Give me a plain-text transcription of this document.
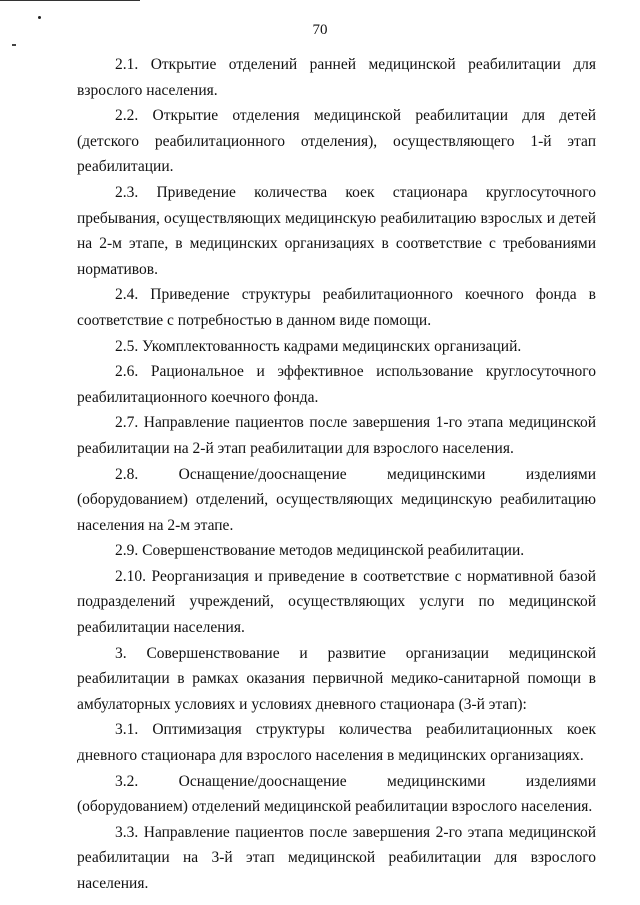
70

2.1. Открытие отделений ранней медицинской реабилитации для взрослого населения.

2.2. Открытие отделения медицинской реабилитации для детей (детского реабилитационного отделения), осуществляющего 1-й этап реабилитации.

2.3. Приведение количества коек стационара круглосуточного пребывания, осуществляющих медицинскую реабилитацию взрослых и детей на 2-м этапе, в медицинских организациях в соответствие с требованиями нормативов.

2.4. Приведение структуры реабилитационного коечного фонда в соответствие с потребностью в данном виде помощи.

2.5. Укомплектованность кадрами медицинских организаций.

2.6. Рациональное и эффективное использование круглосуточного реабилитационного коечного фонда.

2.7. Направление пациентов после завершения 1-го этапа медицинской реабилитации на 2-й этап реабилитации для взрослого населения.

2.8. Оснащение/дооснащение медицинскими изделиями (оборудованием) отделений, осуществляющих медицинскую реабилитацию населения на 2-м этапе.

2.9. Совершенствование методов медицинской реабилитации.

2.10. Реорганизация и приведение в соответствие с нормативной базой подразделений учреждений, осуществляющих услуги по медицинской реабилитации населения.

3. Совершенствование и развитие организации медицинской реабилитации в рамках оказания первичной медико-санитарной помощи в амбулаторных условиях и условиях дневного стационара (3-й этап):

3.1. Оптимизация структуры количества реабилитационных коек дневного стационара для взрослого населения в медицинских организациях.

3.2. Оснащение/дооснащение медицинскими изделиями (оборудованием) отделений медицинской реабилитации взрослого населения.

3.3. Направление пациентов после завершения 2-го этапа медицинской реабилитации на 3-й этап медицинской реабилитации для взрослого населения.
